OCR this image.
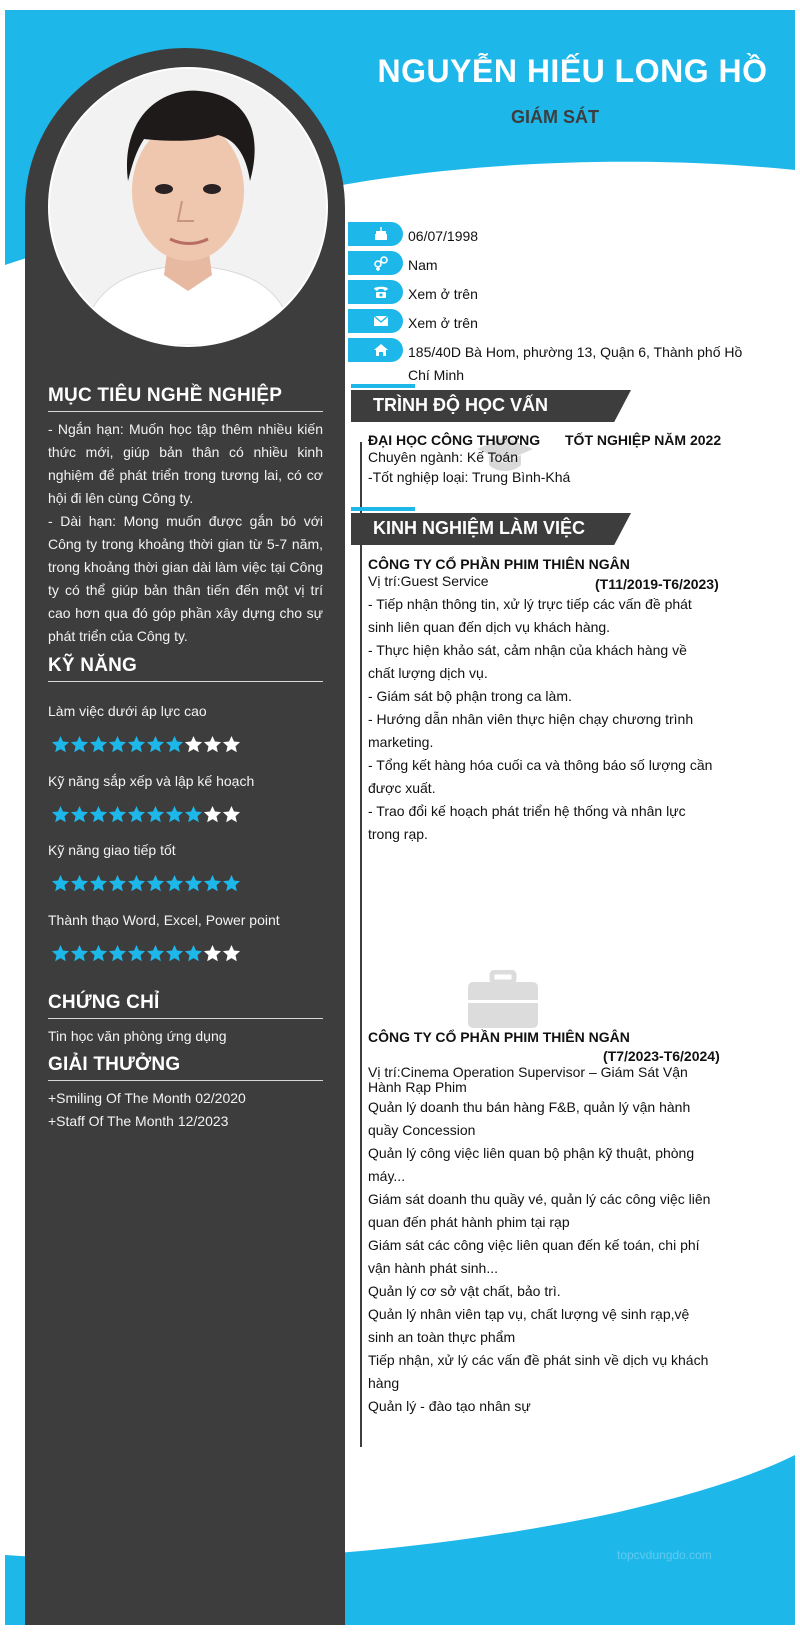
NGUYỄN HIẾU LONG HỒ
GIÁM SÁT
06/07/1998
Nam
Xem ở trên
Xem ở trên
185/40D Bà Hom, phường 13, Quận 6, Thành phố Hồ Chí Minh
MỤC TIÊU NGHỀ NGHIỆP
- Ngắn hạn: Muốn học tập thêm nhiều kiến thức mới, giúp bản thân có nhiều kinh nghiệm để phát triển trong tương lai, có cơ hội đi lên cùng Công ty.
- Dài hạn: Mong muốn được gắn bó với Công ty trong khoảng thời gian từ 5-7 năm, trong khoảng thời gian dài làm việc tại Công ty có thể giúp bản thân tiến đến một vị trí cao hơn qua đó góp phần xây dựng cho sự phát triển của Công ty.
KỸ NĂNG
Làm việc dưới áp lực cao
Kỹ năng sắp xếp và lập kế hoạch
Kỹ năng giao tiếp tốt
Thành thạo Word, Excel, Power point
CHỨNG CHỈ
Tin học văn phòng ứng dụng
GIẢI THƯỞNG
+Smiling Of The Month 02/2020
+Staff Of The Month 12/2023
TRÌNH ĐỘ HỌC VẤN
ĐẠI HỌC CÔNG THƯƠNG TỐT NGHIỆP NĂM 2022
Chuyên ngành: Kế Toán
-Tốt nghiệp loại: Trung Bình-Khá
KINH NGHIỆM LÀM VIỆC
CÔNG TY CỔ PHẦN PHIM THIÊN NGÂN
Vị trí:Guest Service	(T11/2019-T6/2023)
- Tiếp nhận thông tin, xử lý trực tiếp các vấn đề phát sinh liên quan đến dịch vụ khách hàng.
- Thực hiện khảo sát, cảm nhận của khách hàng về chất lượng dịch vụ.
- Giám sát bộ phận trong ca làm.
- Hướng dẫn nhân viên thực hiện chạy chương trình marketing.
- Tổng kết hàng hóa cuối ca và thông báo số lượng cần được xuất.
- Trao đổi kế hoạch phát triển hệ thống và nhân lực trong rạp.
CÔNG TY CỔ PHẦN PHIM THIÊN NGÂN
(T7/2023-T6/2024)
Vị trí:Cinema Operation Supervisor – Giám Sát Vận Hành Rạp Phim
Quản lý doanh thu bán hàng F&B, quản lý vận hành quầy Concession
Quản lý công việc liên quan bộ phận kỹ thuật, phòng máy...
Giám sát doanh thu quầy vé, quản lý các công việc liên quan đến phát hành phim tại rạp
Giám sát các công việc liên quan đến kế toán, chi phí vận hành phát sinh...
Quản lý cơ sở vật chất, bảo trì.
Quản lý nhân viên tạp vụ, chất lượng vệ sinh rạp,vệ sinh an toàn thực phẩm
Tiếp nhận, xử lý các vấn đề phát sinh về dịch vụ khách hàng
Quản lý - đào tạo nhân sự
topcvdungdo.com
